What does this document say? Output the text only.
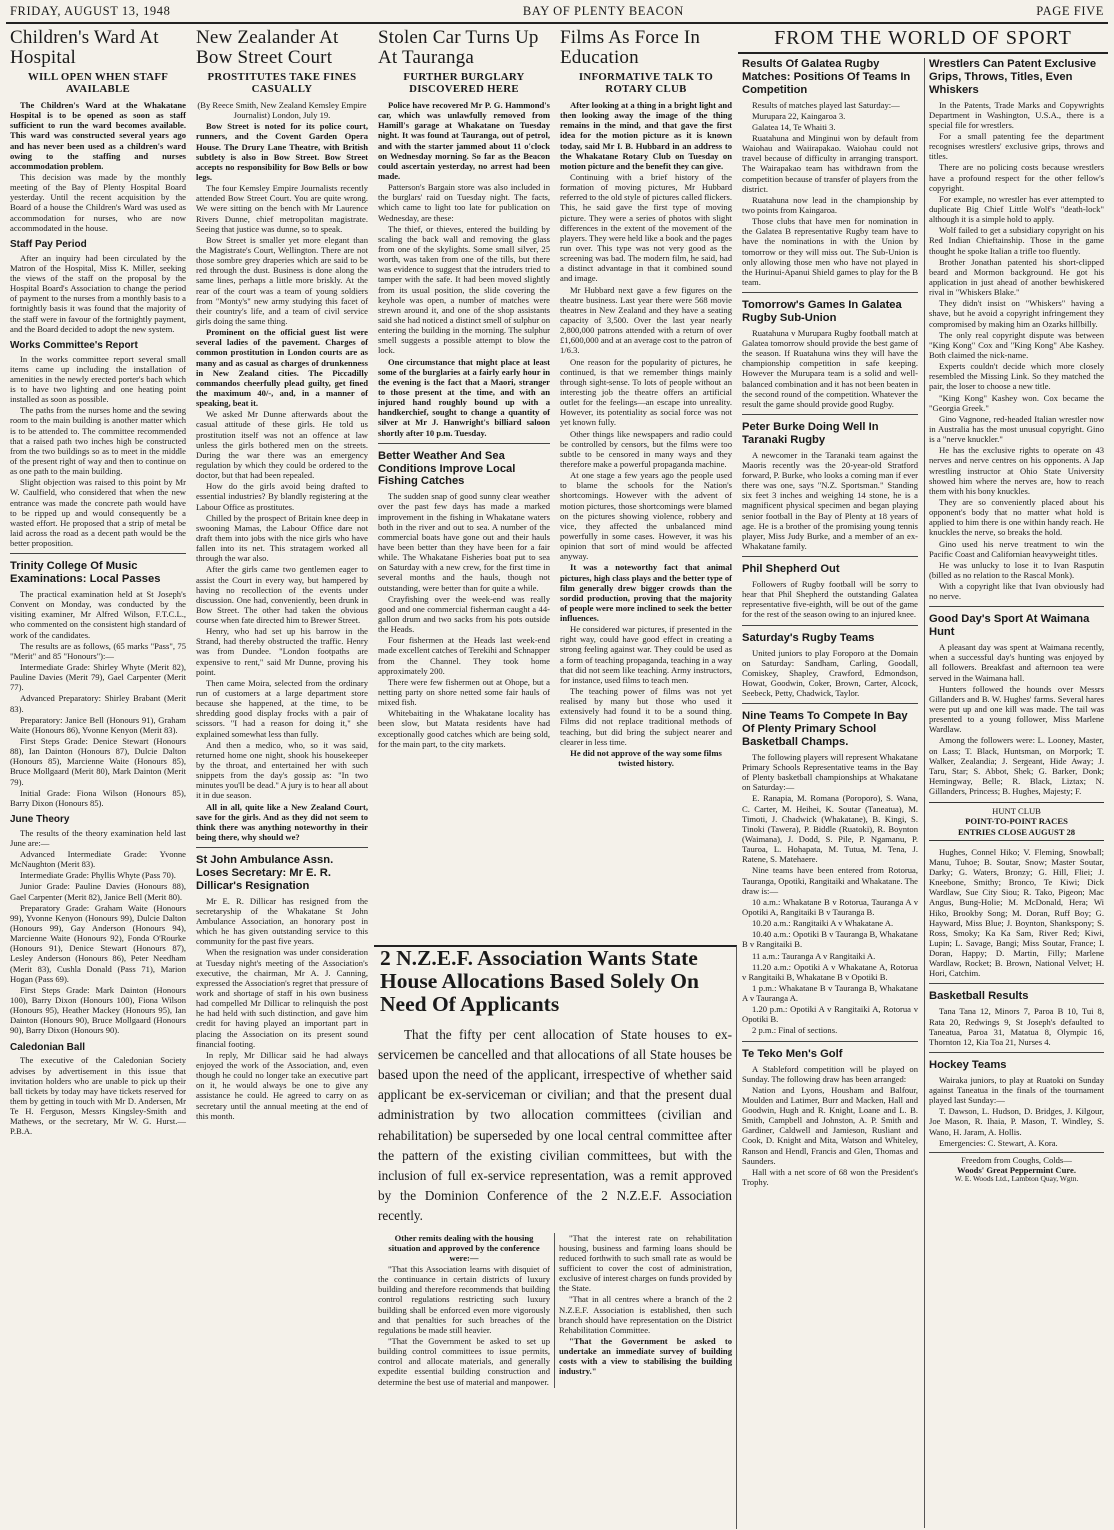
FRIDAY, AUGUST 13, 1948	BAY OF PLENTY BEACON	PAGE FIVE
Children's Ward At Hospital
WILL OPEN WHEN STAFF AVAILABLE

The Children's Ward at the Whakatane Hospital is to be opened as soon as staff sufficient to run the ward becomes available. This ward was constructed several years ago and has never been used as a children's ward owing to the staffing and nurses accommodation problem.

This decision was made by the monthly meeting of the Bay of Plenty Hospital Board yesterday. Until the recent acquisition by the Board of a house the Children's Ward was used as accommodation for nurses, who are now accommodated in the house.

Staff Pay Period

After an inquiry had been circulated by the Matron of the Hospital, Miss K. Miller, seeking the views of the staff on the proposal by the Hospital Board's Association to change the period of payment to the nurses from a monthly basis to a fortnightly basis it was found that the majority of the staff were in favour of the fortnightly payment, and the Board decided to adopt the new system.

Works Committee's Report

In the works committee report several small items came up including the installation of amenities in the newly erected porter's bach which is to have two lighting and one heating point installed as soon as possible.

The paths from the nurses home and the sewing room to the main building is another matter which is to be attended to. The committee recommended that a raised path two inches high be constructed from the two buildings so as to meet in the middle of the present right of way and then to continue on as one path to the main building.

Slight objection was raised to this point by Mr W. Caulfield, who considered that when the new entrance was made the concrete path would have to be ripped up and would consequently be a wasted effort. He proposed that a strip of metal be laid across the road as a decent path would be the better proposition.

Trinity College Of Music Examinations: Local Passes

The practical examination held at St Joseph's Convent on Monday, was conducted by the visiting examiner, Mr Alfred Wilson, F.T.C.L., who commented on the consistent high standard of work of the candidates.

The results are as follows, (65 marks "Pass", 75 "Merit" and 85 "Honours"):—

Intermediate Grade: Shirley Whyte (Merit 82), Pauline Davies (Merit 79), Gael Carpenter (Merit 77).

Advanced Preparatory: Shirley Brabant (Merit 83).

Preparatory: Janice Bell (Honours 91), Graham Waite (Honours 86), Yvonne Kenyon (Merit 83).

First Steps Grade: Denice Stewart (Honours 88), Ian Dainton (Honours 87), Dulcie Dalton (Honours 85), Marcienne Waite (Honours 85), Bruce Mollgaard (Merit 80), Mark Dainton (Merit 79).

Initial Grade: Fiona Wilson (Honours 85), Barry Dixon (Honours 85).

June Theory

The results of the theory examination held last June are:—

Advanced Intermediate Grade: Yvonne McNaughton (Merit 83).

Intermediate Grade: Phyllis Whyte (Pass 70).

Junior Grade: Pauline Davies (Honours 88), Gael Carpenter (Merit 82), Janice Bell (Merit 80).

Preparatory Grade: Graham Waite (Honours 99), Yvonne Kenyon (Honours 99), Dulcie Dalton (Honours 99), Gay Anderson (Honours 94), Marcienne Waite (Honours 92), Fonda O'Rourke (Honours 91), Denice Stewart (Honours 87), Lesley Anderson (Honours 86), Peter Needham (Merit 83), Cushla Donald (Pass 71), Marion Hogan (Pass 69).

First Steps Grade: Mark Dainton (Honours 100), Barry Dixon (Honours 100), Fiona Wilson (Honours 95), Heather Mackey (Honours 95), Ian Dainton (Honours 90), Bruce Mollgaard (Honours 90), Barry Dixon (Honours 90).

Caledonian Ball

The executive of the Caledonian Society advises by advertisement in this issue that invitation holders who are unable to pick up their ball tickets by today may have tickets reserved for them by getting in touch with Mr D. Andersen, Mr Te H. Ferguson, Messrs Kingsley-Smith and Mathews, or the secretary, Mr W. G. Hurst.—P.B.A.

New Zealander At Bow Street Court
PROSTITUTES TAKE FINES CASUALLY

(By Reece Smith, New Zealand Kemsley Empire Journalist) London, July 19.

Bow Street is noted for its police court, runners, and the Covent Garden Opera House. The Drury Lane Theatre, with British subtlety is also in Bow Street. Bow Street accepts no responsibility for Bow Bells or bow legs.

The four Kemsley Empire Journalists recently attended Bow Street Court. You are quite wrong. We were sitting on the bench with Mr Laurence Rivers Dunne, chief metropolitan magistrate. Seeing that justice was dunne, so to speak.

Bow Street is smaller yet more elegant than the Magistrate's Court, Wellington. There are not those sombre grey draperies which are said to be red through the dust. Business is done along the same lines, perhaps a little more briskly. At the rear of the court was a team of young soldiers from "Monty's" new army studying this facet of their country's life, and a team of civil service girls doing the same thing.

Prominent on the official guest list were several ladies of the pavement. Charges of common prostitution in London courts are as many and as casual as charges of drunkenness in New Zealand cities. The Piccadilly commandos cheerfully plead guilty, get fined the maximum 40/-, and, in a manner of speaking, beat it.

We asked Mr Dunne afterwards about the casual attitude of these girls. He told us prostitution itself was not an offence at law unless the girls bothered men on the streets. During the war there was an emergency regulation by which they could be ordered to the doctor, but that had been repealed.

How do the girls avoid being drafted to essential industries? By blandly registering at the Labour Office as prostitutes.

Chilled by the prospect of Britain knee deep in swooning Mamas, the Labour Office dare not draft them into jobs with the nice girls who have fallen into its net. This stratagem worked all through the war also.

After the girls came two gentlemen eager to assist the Court in every way, but hampered by having no recollection of the events under discussion. One had, conveniently, been drunk in Bow Street. The other had taken the obvious course when fate directed him to Brewer Street.

Henry, who had set up his barrow in the Strand, had thereby obstructed the traffic. Henry was from Dundee. "London footpaths are expensive to rent," said Mr Dunne, proving his point.

Then came Moira, selected from the ordinary run of customers at a large department store because she happened, at the time, to be shredding good display frocks with a pair of scissors. "I had a reason for doing it," she explained somewhat less than fully.

And then a medico, who, so it was said, returned home one night, shook his housekeeper by the throat, and entertained her with such snippets from the day's gossip as: "In two minutes you'll be dead." A jury is to hear all about it in due season.

All in all, quite like a New Zealand Court, save for the girls. And as they did not seem to think there was anything noteworthy in their being there, why should we?

St John Ambulance Assn. Loses Secretary: Mr E. R. Dillicar's Resignation

Mr E. R. Dillicar has resigned from the secretaryship of the Whakatane St John Ambulance Association, an honorary post in which he has given outstanding service to this community for the past five years.

When the resignation was under consideration at Tuesday night's meeting of the Association's executive, the chairman, Mr A. J. Canning, expressed the Association's regret that pressure of work and shortage of staff in his own business had compelled Mr Dillicar to relinquish the post he had held with such distinction, and gave him credit for having played an important part in placing the Association on its present sound financial footing.

In reply, Mr Dillicar said he had always enjoyed the work of the Association, and, even though he could no longer take an executive part on it, he would always be one to give any assistance he could. He agreed to carry on as secretary until the annual meeting at the end of this month.

Stolen Car Turns Up At Tauranga
FURTHER BURGLARY DISCOVERED HERE

Police have recovered Mr P. G. Hammond's car, which was unlawfully removed from Hamill's garage at Whakatane on Tuesday night. It was found at Tauranga, out of petrol, and with the starter jammed about 11 o'clock on Wednesday morning. So far as the Beacon could ascertain yesterday, no arrest had been made.

Patterson's Bargain store was also included in the burglars' raid on Tuesday night. The facts, which came to light too late for publication on Wednesday, are these:

The thief, or thieves, entered the building by scaling the back wall and removing the glass from one of the skylights. Some small silver, 25 worth, was taken from one of the tills, but there was evidence to suggest that the intruders tried to tamper with the safe. It had been moved slightly from its usual position, the slide covering the keyhole was open, a number of matches were strewn around it, and one of the shop assistants said she had noticed a distinct smell of sulphur on entering the building in the morning. The sulphur smell suggests a possible attempt to blow the lock.

One circumstance that might place at least some of the burglaries at a fairly early hour in the evening is the fact that a Maori, stranger to those present at the time, and with an injured hand roughly bound up with a handkerchief, sought to change a quantity of silver at Mr J. Hanwright's billiard saloon shortly after 10 p.m. Tuesday.

Better Weather And Sea Conditions Improve Local Fishing Catches

The sudden snap of good sunny clear weather over the past few days has made a marked improvement in the fishing in Whakatane waters both in the river and out to sea. A number of the commercial boats have gone out and their hauls have been better than they have been for a fair while. The Whakatane Fisheries boat put to sea on Saturday with a new crew, for the first time in several months and the hauls, though not outstanding, were better than for quite a while.

Crayfishing over the week-end was really good and one commercial fisherman caught a 44-gallon drum and two sacks from his pots outside the Heads.

Four fishermen at the Heads last week-end made excellent catches of Terekihi and Schnapper from the Channel. They took home approximately 200.

There were few fishermen out at Ohope, but a netting party on shore netted some fair hauls of mixed fish.

Whitebaiting in the Whakatane locality has been slow, but Matata residents have had exceptionally good catches which are being sold, for the main part, to the city markets.

Films As Force In Education
INFORMATIVE TALK TO ROTARY CLUB

After looking at a thing in a bright light and then looking away the image of the thing remains in the mind, and that gave the first idea for the motion picture as it is known today, said Mr I. B. Hubbard in an address to the Whakatane Rotary Club on Tuesday on motion picture and the benefit they can give.

Continuing with a brief history of the formation of moving pictures, Mr Hubbard referred to the old style of pictures called flickers. This, he said gave the first type of moving picture. They were a series of photos with slight differences in the extent of the movement of the players. They were held like a book and the pages run over. This type was not very good as the screening was bad. The modern film, he said, had a distinct advantage in that it combined sound and image.

Mr Hubbard next gave a few figures on the theatre business. Last year there were 568 movie theatres in New Zealand and they have a seating capacity of 3,500. Over the last year nearly 2,800,000 patrons attended with a return of over £1,600,000 and at an average cost to the patron of 1/6.3.

One reason for the popularity of pictures, he continued, is that we remember things mainly through sight-sense. To lots of people without an interesting job the theatre offers an artificial outlet for the feelings—an escape into unreality. However, its potentiality as social force was not yet known fully.

Other things like newspapers and radio could be controlled by censors, but the films were too subtle to be censored in many ways and they therefore make a powerful propaganda machine.

At one stage a few years ago the people used to blame the schools for the Nation's shortcomings. However with the advent of motion pictures, those shortcomings were blamed on the pictures showing violence, robbery and vice, they affected the unbalanced mind powerfully in some cases. However, it was his opinion that sort of mind would be affected anyway.

It was a noteworthy fact that animal pictures, high class plays and the better type of film generally drew bigger crowds than the sordid production, proving that the majority of people were more inclined to seek the better influences.

He considered war pictures, if presented in the right way, could have good effect in creating a strong feeling against war. They could be used as a form of teaching propaganda, teaching in a way that did not seem like teaching. Army instructors, for instance, used films to teach men.

The teaching power of films was not yet realised by many but those who used it extensively had found it to be a sound thing. Films did not replace traditional methods of teaching, but did bring the subject nearer and clearer in less time.

He did not approve of the way some films twisted history.

2 N.Z.E.F. Association Wants State House Allocations Based Solely On Need Of Applicants

That the fifty per cent allocation of State houses to ex-servicemen be cancelled and that allocations of all State houses be based upon the need of the applicant, irrespective of whether said applicant be ex-serviceman or civilian; and that the present dual administration by two allocation committees (civilian and rehabilitation) be superseded by one local central committee after the pattern of the existing civilian committees, but with the inclusion of full ex-service representation, was a remit approved by the Dominion Conference of the 2 N.Z.E.F. Association recently.

Other remits dealing with the housing situation and approved by the conference were:—

"That this Association learns with disquiet of the continuance in certain districts of luxury building and therefore recommends that building control regulations restricting such luxury building shall be enforced even more vigorously and that penalties for such breaches of the regulations be made still heavier.

"That the Government be asked to set up building control committees to issue permits, control and allocate materials, and generally expedite essential building construction and determine the best use of material and manpower.

"That the interest rate on rehabilitation housing, business and farming loans should be reduced forthwith to such small rate as would be sufficient to cover the cost of administration, exclusive of interest charges on funds provided by the State.

"That in all centres where a branch of the 2 N.Z.E.F. Association is established, then such branch should have representation on the District Rehabilitation Committee.

"That the Government be asked to undertake an immediate survey of building costs with a view to stabilising the building industry."

FROM THE WORLD OF SPORT
Results Of Galatea Rugby Matches: Positions Of Teams In Competition

Results of matches played last Saturday:—

Murupara 22, Kaingaroa 3.

Galatea 14, Te Whaiti 3.

Ruatahuna and Minginui won by default from Waiohau and Waiirapakao. Waiohau could not travel because of difficulty in arranging transport. The Wairapakao team has withdrawn from the competition because of transfer of players from the district.

Ruatahuna now lead in the championship by two points from Kaingaroa.

Those clubs that have men for nomination in the Galatea B representative Rugby team have to have the nominations in with the Union by tomorrow or they will miss out. The Sub-Union is only allowing those men who have not played in the Hurinui-Apanui Shield games to play for the B team.

Tomorrow's Games In Galatea Rugby Sub-Union

Ruatahuna v Murupara Rugby football match at Galatea tomorrow should provide the best game of the season. If Ruatahuna wins they will have the championship competition in safe keeping. However the Murupara team is a solid and well-balanced combination and it has not been beaten in the second round of the competition. Whatever the result the game should provide good Rugby.

Peter Burke Doing Well In Taranaki Rugby

A newcomer in the Taranaki team against the Maoris recently was the 20-year-old Stratford forward, P. Burke, who looks a coming man if ever there was one, says "N.Z. Sportsman." Standing six feet 3 inches and weighing 14 stone, he is a magnificent physical specimen and began playing senior football in the Bay of Plenty at 18 years of age. He is a brother of the promising young tennis player, Miss Judy Burke, and a member of an ex-Whakatane family.

Phil Shepherd Out

Followers of Rugby football will be sorry to hear that Phil Shepherd the outstanding Galatea representative five-eighth, will be out of the game for the rest of the season owing to an injured knee.

Saturday's Rugby Teams

United juniors to play Foroporo at the Domain on Saturday: Sandham, Carling, Goodall, Comiskey, Shapley, Crawford, Edmondson, Howat, Goodwin, Coker, Brown, Carter, Alcock, Seebeck, Petty, Chadwick, Taylor.

Nine Teams To Compete In Bay Of Plenty Primary School Basketball Champs.

The following players will represent Whakatane Primary Schools Representative teams in the Bay of Plenty basketball championships at Whakatane on Saturday:—

E. Ranapia, M. Romana (Poroporo), S. Wana, C. Carter, M. Heihei, K. Soutar (Taneatua), M. Timoti, J. Chadwick (Whakatane), B. Kingi, S. Tinoki (Tawera), P. Biddle (Ruatoki), R. Boynton (Waimana), J. Dodd, S. Pile, P. Ngamanu, P. Tauroa, L. Hohapata, M. Tutua, M. Tena, J. Ratene, S. Matehaere.

Nine teams have been entered from Rotorua, Tauranga, Opotiki, Rangitaiki and Whakatane. The draw is:—

10 a.m.: Whakatane B v Rotorua, Tauranga A v Opotiki A, Rangitaiki B v Tauranga B.

10.20 a.m.: Rangitaiki A v Whakatane A.

10.40 a.m.: Opotiki B v Tauranga B, Whakatane B v Rangitaiki B.

11 a.m.: Tauranga A v Rangitaiki A.

11.20 a.m.: Opotiki A v Whakatane A, Rotorua v Rangitaiki B, Whakatane B v Opotiki B.

1 p.m.: Whakatane B v Tauranga B, Whakatane A v Tauranga A.

1.20 p.m.: Opotiki A v Rangitaiki A, Rotorua v Opotiki B.

2 p.m.: Final of sections.

Te Teko Men's Golf

A Stableford competition will be played on Sunday. The following draw has been arranged:

Nation and Lyons, Housham and Balfour, Moulden and Latimer, Burr and Macken, Hall and Goodwin, Hugh and R. Knight, Loane and L. B. Smith, Campbell and Johnston, A. P. Smith and Gardiner, Caldwell and Jamieson, Rusliant and Cook, D. Knight and Mita, Watson and Whiteley, Ranson and Hendl, Francis and Glen, Thomas and Saunders.

Hall with a net score of 68 won the President's Trophy.

Wrestlers Can Patent Exclusive Grips, Throws, Titles, Even Whiskers

In the Patents, Trade Marks and Copywrights Department in Washington, U.S.A., there is a special file for wrestlers.

For a small patenting fee the department recognises wrestlers' exclusive grips, throws and titles.

There are no policing costs because wrestlers have a profound respect for the other fellow's copyright.

For example, no wrestler has ever attempted to duplicate Big Chief Little Wolf's "death-lock" although it is a simple hold to apply.

Wolf failed to get a subsidiary copyright on his Red Indian Chieftainship. Those in the game thought he spoke Italian a trifle too fluently.

Brother Jonathan patented his short-clipped beard and Mormon background. He got his application in just ahead of another bewhiskered rival in "Whiskers Blake."

They didn't insist on "Whiskers" having a shave, but he avoid a copyright infringement they compromised by making him an Ozarks hillbilly.

The only real copyright dispute was between "King Kong" Cox and "King Kong" Abe Kashey. Both claimed the nick-name.

Experts couldn't decide which more closely resembled the Missing Link. So they matched the pair, the loser to choose a new title.

"King Kong" Kashey won. Cox became the "Georgia Greek."

Gino Vagnone, red-headed Italian wrestler now in Australia has the most unusual copyright. Gino is a "nerve knuckler."

He has the exclusive rights to operate on 43 nerves and nerve centres on his opponents. A Jap wrestling instructor at Ohio State University showed him where the nerves are, how to reach them with his bony knuckles.

They are so conveniently placed about his opponent's body that no matter what hold is applied to him there is one within handy reach. He knuckles the nerve, so breaks the hold.

Gino used his nerve treatment to win the Pacific Coast and Californian heavyweight titles.

He was unlucky to lose it to Ivan Rasputin (billed as no relation to the Rascal Monk).

With a copyright like that Ivan obviously had no nerve.

Good Day's Sport At Waimana Hunt

A pleasant day was spent at Waimana recently, when a successful day's hunting was enjoyed by all followers. Breakfast and afternoon tea were served in the Waimana hall.

Hunters followed the hounds over Messrs Gillanders and B. W. Hughes' farms. Several hares were put up and one kill was made. The tail was presented to a young follower, Miss Marlene Wardlaw.

Among the followers were: L. Looney, Master, on Lass; T. Black, Huntsman, on Morpork; T. Walker, Zealandia; J. Sergeant, Hide Away; J. Taru, Star; S. Abbot, Shek; G. Barker, Donk; Hemingway, Belle; R. Black, Liztax; N. Gillanders, Princess; B. Hughes, Majesty; F.

HUNT CLUB
POINT-TO-POINT RACES
ENTRIES CLOSE AUGUST 28

Hughes, Connel Hiko; V. Fleming, Snowball; Manu, Tuhoe; B. Soutar, Snow; Master Soutar, Darky; G. Waters, Bronzy; G. Hill, Fliei; J. Kneebone, Smithy; Bronco, Te Kiwi; Dick Wardlaw, Sue City Siou; R. Tako, Pigeon; Mac Angus, Bung-Holie; M. McDonald, Hera; Wi Hiko, Brookby Song; M. Doran, Ruff Boy; G. Hayward, Miss Blue; J. Boynton, Shankspony; S. Ross, Smoky; Ka Ka Sam, River Red; Kiwi, Lupin; L. Savage, Bangi; Miss Soutar, France; I. Doran, Happy; D. Martin, Filly; Marlene Wardlaw, Rocket; B. Brown, National Velvet; H. Hori, Catchim.

Basketball Results

Tana Tana 12, Minors 7, Paroa B 10, Tui 8, Rata 20, Redwings 9, St Joseph's defaulted to Taneatua, Paroa 31, Matatua 8, Olympic 16, Thornton 12, Kia Toa 21, Nurses 4.

Hockey Teams

Wairaka juniors, to play at Ruatoki on Sunday against Taneatua in the finals of the tournament played last Sunday:—

T. Dawson, L. Hudson, D. Bridges, J. Kilgour, Joe Mason, R. Ihaia, P. Mason, T. Windley, S. Wano, H. Jaram, A. Hollis.

Emergencies: C. Stewart, A. Kora.

Freedom from Coughs, Colds—
Woods' Great Peppermint Cure.
W. E. Woods Ltd., Lambton Quay, Wgtn.
